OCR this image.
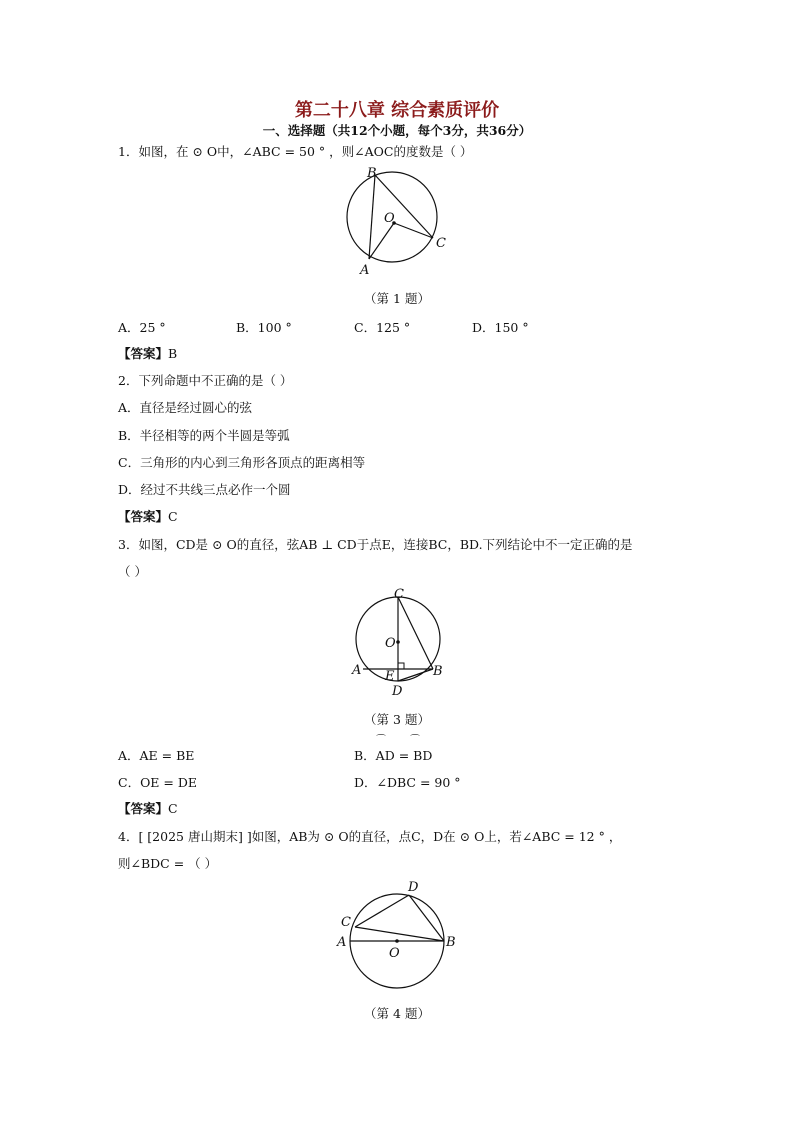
第二十八章 综合素质评价
一、选择题（共12个小题，每个3分，共36分）
1．如图，在 ⊙ O中，∠ABC = 50 ° ，则∠AOC的度数是（ ）
B
O
C
A
（第 1 题）
A．25 °	B．100 °	C．125 °	D．150 °
【答案】B
2．下列命题中不正确的是（ ）
A．直径是经过圆心的弦
B．半径相等的两个半圆是等弧
C．三角形的内心到三角形各顶点的距离相等
D．经过不共线三点必作一个圆
【答案】C
3．如图，CD是 ⊙ O的直径，弦AB ⊥ CD于点E，连接BC，BD.下列结论中不一定正确的是
（ ）
C
O
A	B
E
D
（第 3 题）
⌒ ⌒
A．AE = BE	B．AD = BD
C．OE = DE	D．∠DBC = 90 °
【答案】C
4．[ [2025 唐山期末] ]如图，AB为 ⊙ O的直径，点C，D在 ⊙ O上，若∠ABC = 12 ° ，
则∠BDC = （ ）
D
C
A	B
O
（第 4 题）
